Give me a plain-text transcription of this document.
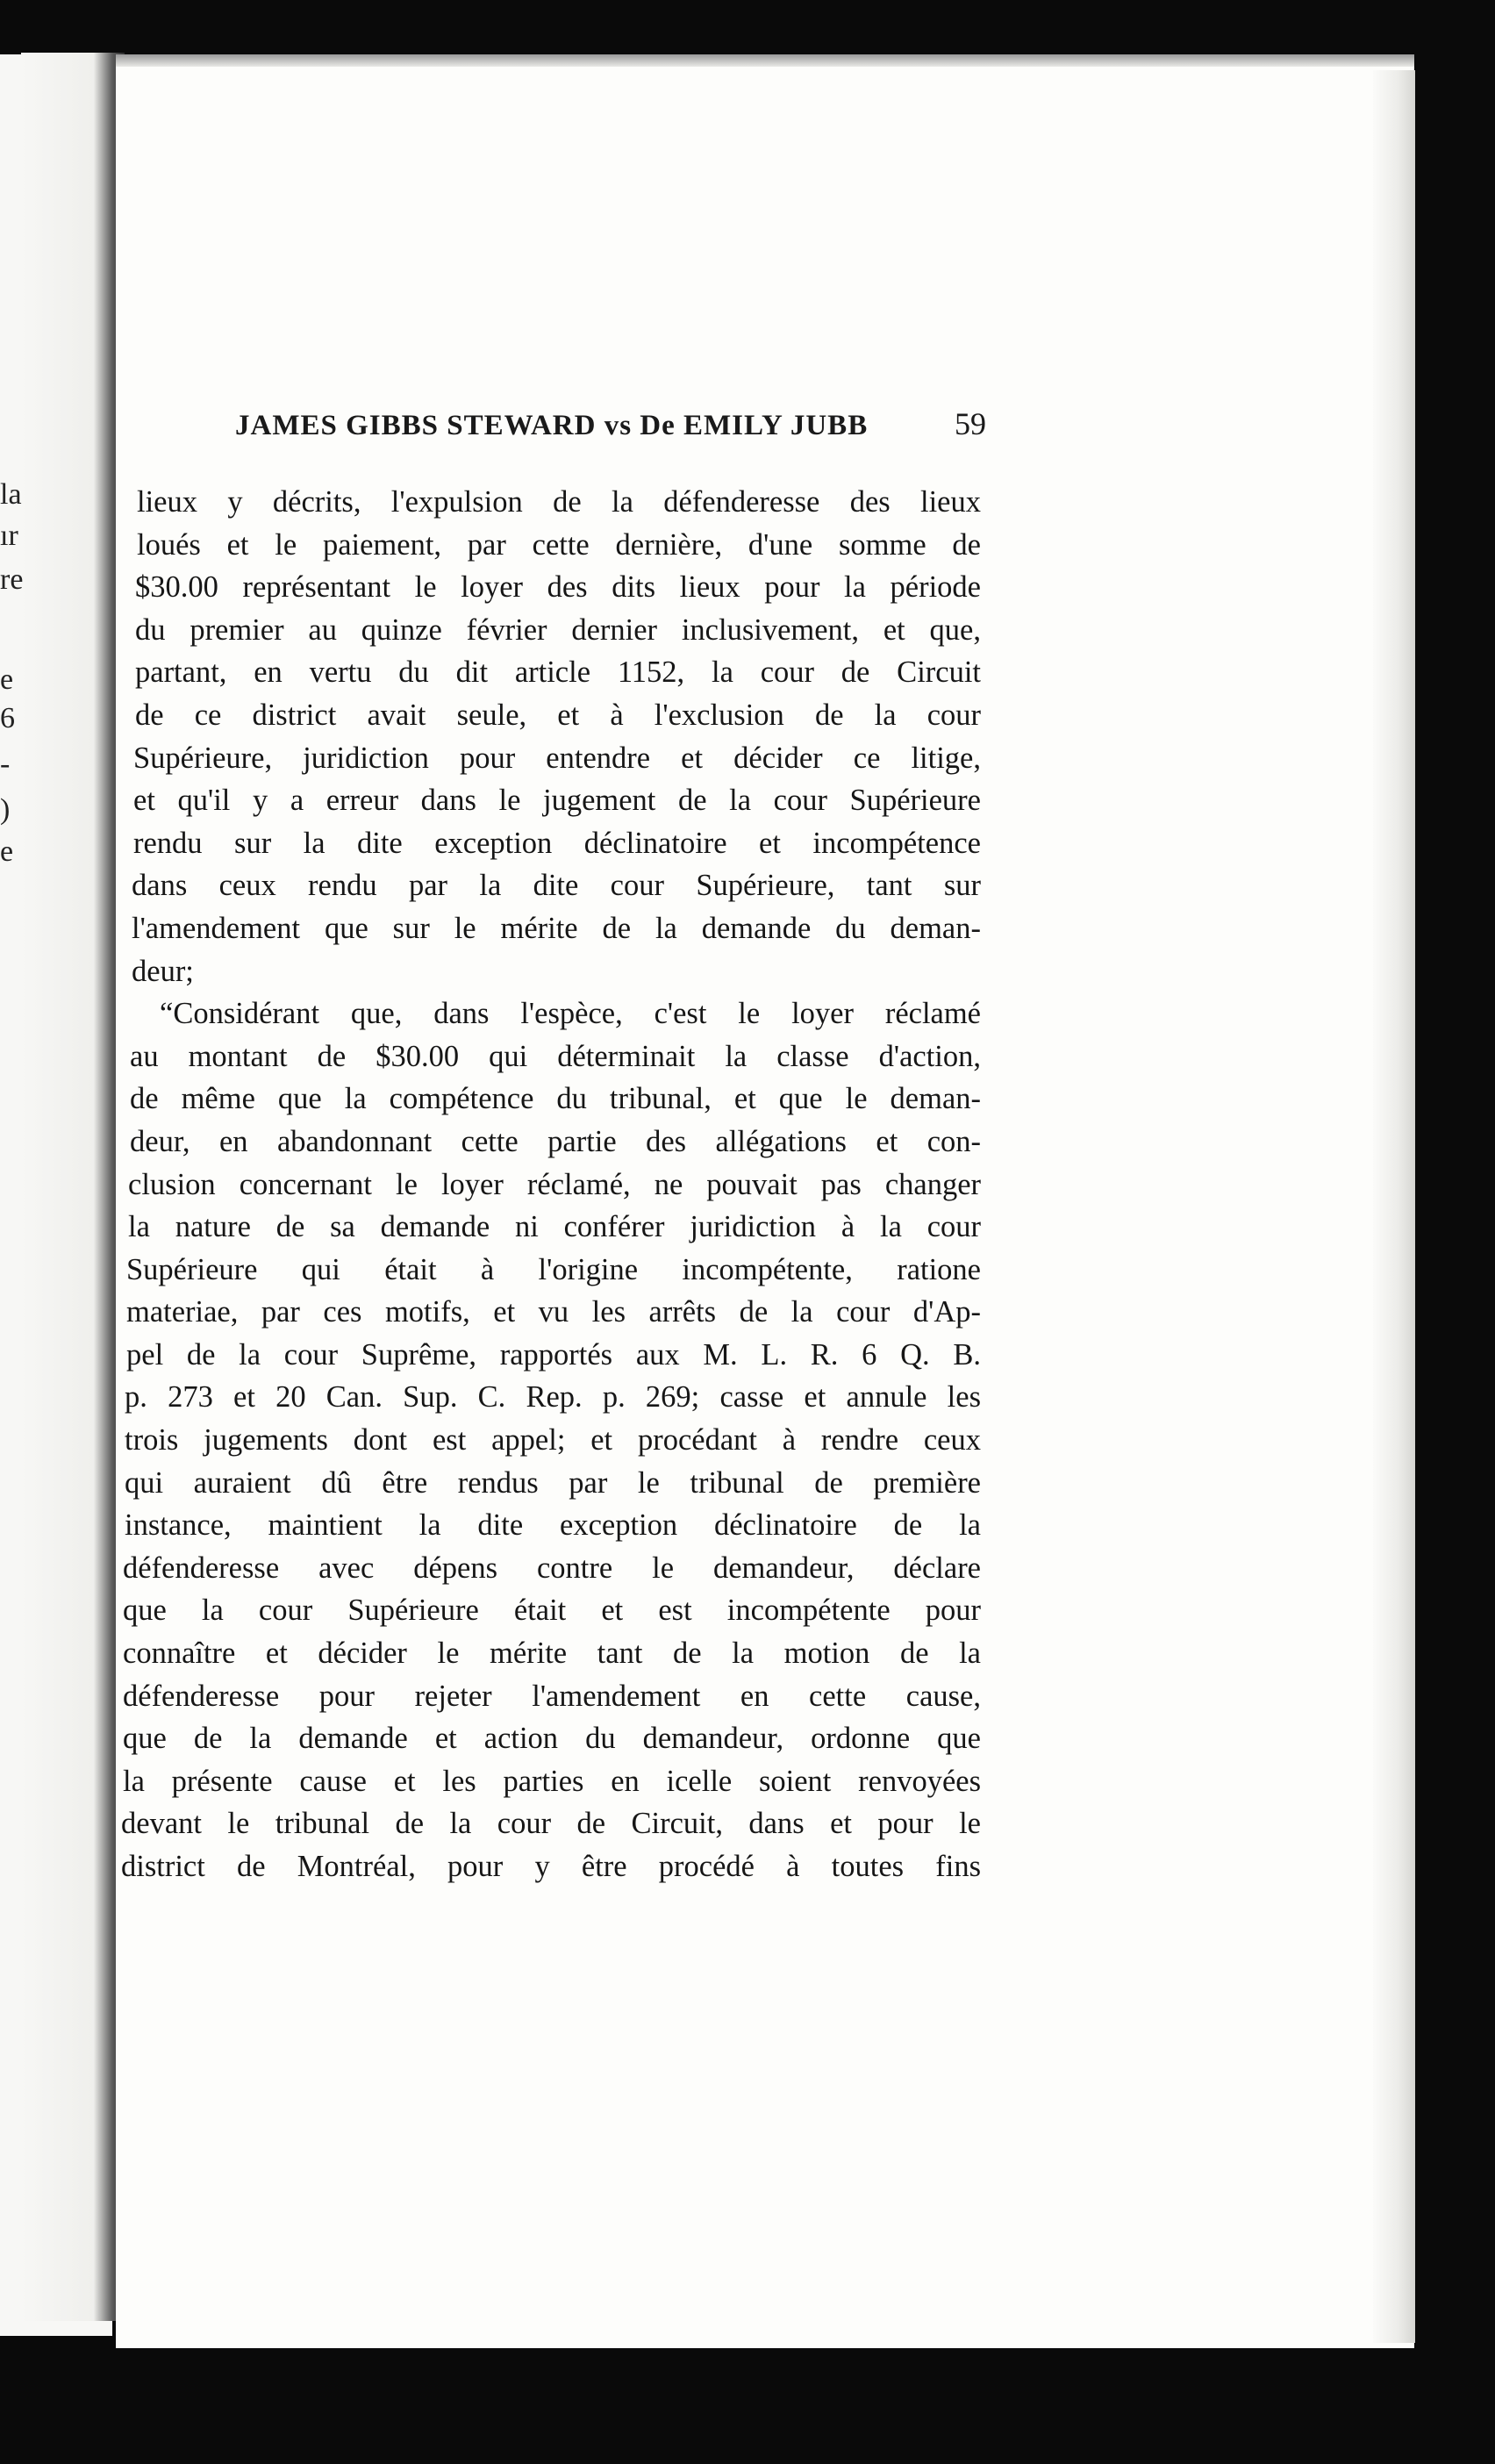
la
ır
re
e
6
-
)
e
JAMES GIBBS STEWARD vs De EMILY JUBB	59
lieux y décrits, l'expulsion de la défenderesse des lieux
loués et le paiement, par cette dernière, d'une somme de
$30.00 représentant le loyer des dits lieux pour la période
du premier au quinze février dernier inclusivement, et que,
partant, en vertu du dit article 1152, la cour de Circuit
de ce district avait seule, et à l'exclusion de la cour
Supérieure, juridiction pour entendre et décider ce litige,
et qu'il y a erreur dans le jugement de la cour Supérieure
rendu sur la dite exception déclinatoire et incompétence
dans ceux rendu par la dite cour Supérieure, tant sur
l'amendement que sur le mérite de la demande du deman-
deur;
“Considérant que, dans l'espèce, c'est le loyer réclamé
au montant de $30.00 qui déterminait la classe d'action,
de même que la compétence du tribunal, et que le deman-
deur, en abandonnant cette partie des allégations et con-
clusion concernant le loyer réclamé, ne pouvait pas changer
la nature de sa demande ni conférer juridiction à la cour
Supérieure qui était à l'origine incompétente, ratione
materiae, par ces motifs, et vu les arrêts de la cour d'Ap-
pel de la cour Suprême, rapportés aux M. L. R. 6 Q. B.
p. 273 et 20 Can. Sup. C. Rep. p. 269; casse et annule les
trois jugements dont est appel; et procédant à rendre ceux
qui auraient dû être rendus par le tribunal de première
instance, maintient la dite exception déclinatoire de la
défenderesse avec dépens contre le demandeur, déclare
que la cour Supérieure était et est incompétente pour
connaître et décider le mérite tant de la motion de la
défenderesse pour rejeter l'amendement en cette cause,
que de la demande et action du demandeur, ordonne que
la présente cause et les parties en icelle soient renvoyées
devant le tribunal de la cour de Circuit, dans et pour le
district de Montréal, pour y être procédé à toutes fins
